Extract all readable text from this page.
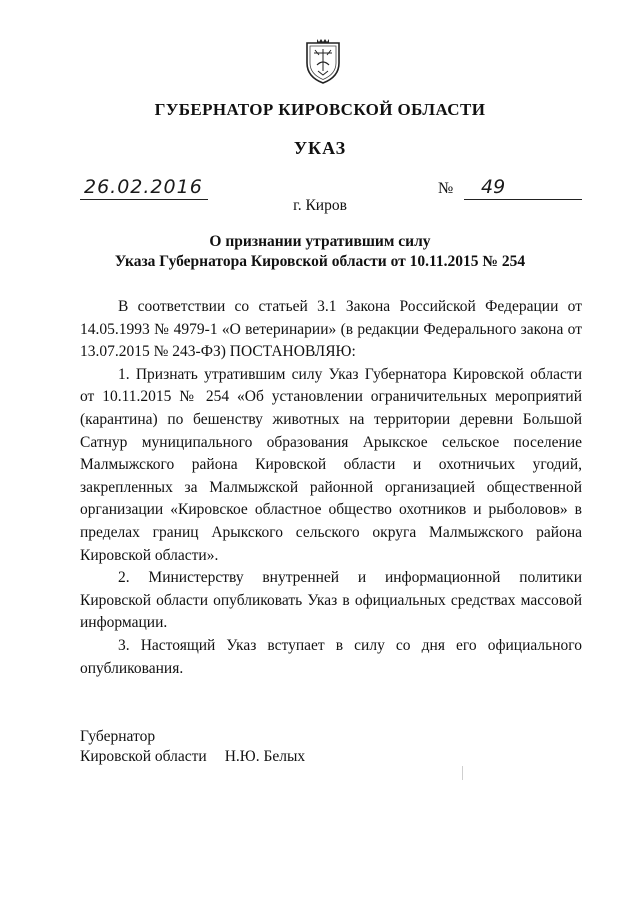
ГУБЕРНАТОР КИРОВСКОЙ ОБЛАСТИ
УКАЗ
26.02.2016	№ 49
г. Киров
О признании утратившим силу
Указа Губернатора Кировской области от 10.11.2015 № 254

В соответствии со статьей 3.1 Закона Российской Федерации от 14.05.1993 № 4979-1 «О ветеринарии» (в редакции Федерального закона от 13.07.2015 № 243-ФЗ) ПОСТАНОВЛЯЮ:

1. Признать утратившим силу Указ Губернатора Кировской области от 10.11.2015 № 254 «Об установлении ограничительных мероприятий (карантина) по бешенству животных на территории деревни Большой Сатнур муниципального образования Арыкское сельское поселение Малмыжского района Кировской области и охотничьих угодий, закрепленных за Малмыжской районной организацией общественной организации «Кировское областное общество охотников и рыболовов» в пределах границ Арыкского сельского округа Малмыжского района Кировской области».

2. Министерству внутренней и информационной политики Кировской области опубликовать Указ в официальных средствах массовой информации.

3. Настоящий Указ вступает в силу со дня его официального опубликования.

Губернатор
Кировской области Н.Ю. Белых
